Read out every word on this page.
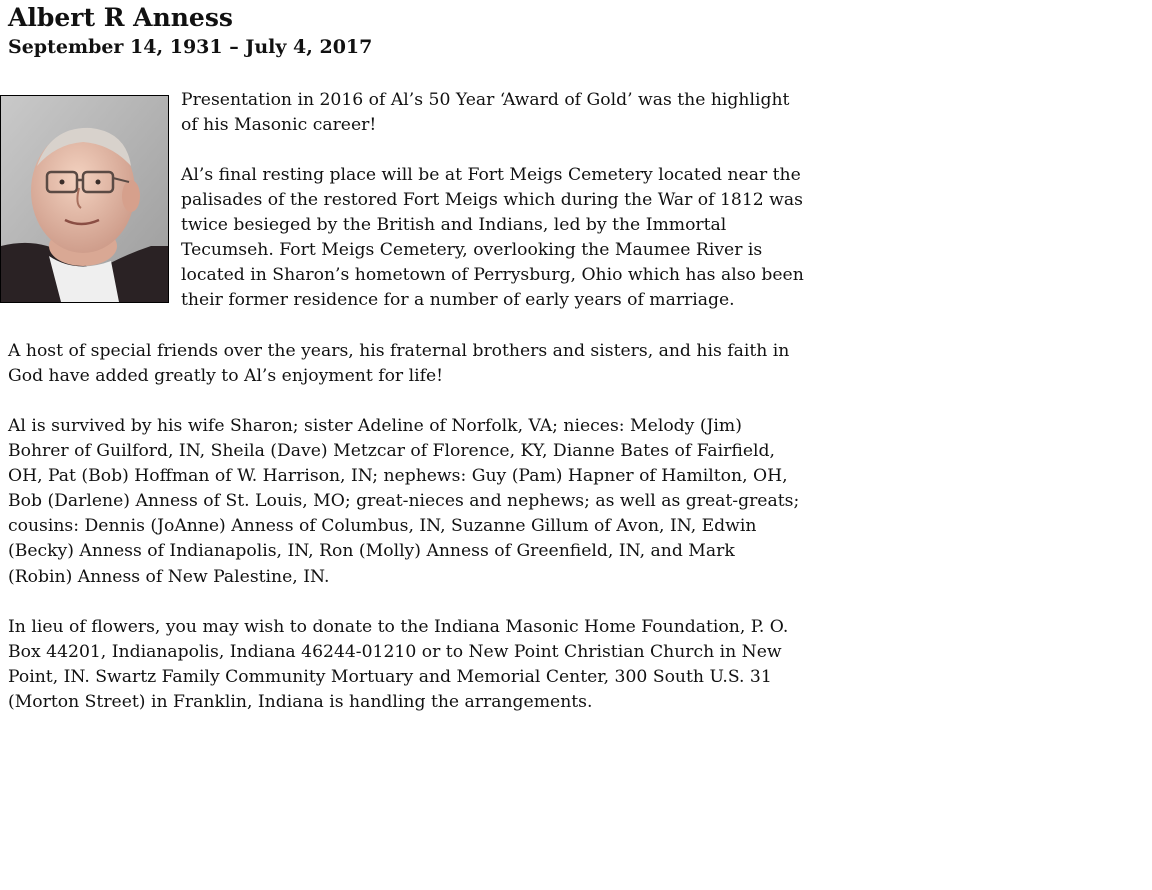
Albert R Anness

September 14, 1931 – July 4, 2017

Presentation in 2016 of Al’s 50 Year ‘Award of Gold’ was the highlight
of his Masonic career!

Al’s final resting place will be at Fort Meigs Cemetery located near the
palisades of the restored Fort Meigs which during the War of 1812 was
twice besieged by the British and Indians, led by the Immortal
Tecumseh. Fort Meigs Cemetery, overlooking the Maumee River is
located in Sharon’s hometown of Perrysburg, Ohio which has also been
their former residence for a number of early years of marriage.

A host of special friends over the years, his fraternal brothers and sisters, and his faith in
God have added greatly to Al’s enjoyment for life!

Al is survived by his wife Sharon; sister Adeline of Norfolk, VA; nieces: Melody (Jim)
Bohrer of Guilford, IN, Sheila (Dave) Metzcar of Florence, KY, Dianne Bates of Fairfield,
OH, Pat (Bob) Hoffman of W. Harrison, IN; nephews: Guy (Pam) Hapner of Hamilton, OH,
Bob (Darlene) Anness of St. Louis, MO; great-nieces and nephews; as well as great-greats;
cousins: Dennis (JoAnne) Anness of Columbus, IN, Suzanne Gillum of Avon, IN, Edwin
(Becky) Anness of Indianapolis, IN, Ron (Molly) Anness of Greenfield, IN, and Mark
(Robin) Anness of New Palestine, IN.

In lieu of flowers, you may wish to donate to the Indiana Masonic Home Foundation, P. O.
Box 44201, Indianapolis, Indiana 46244-01210 or to New Point Christian Church in New
Point, IN. Swartz Family Community Mortuary and Memorial Center, 300 South U.S. 31
(Morton Street) in Franklin, Indiana is handling the arrangements.
